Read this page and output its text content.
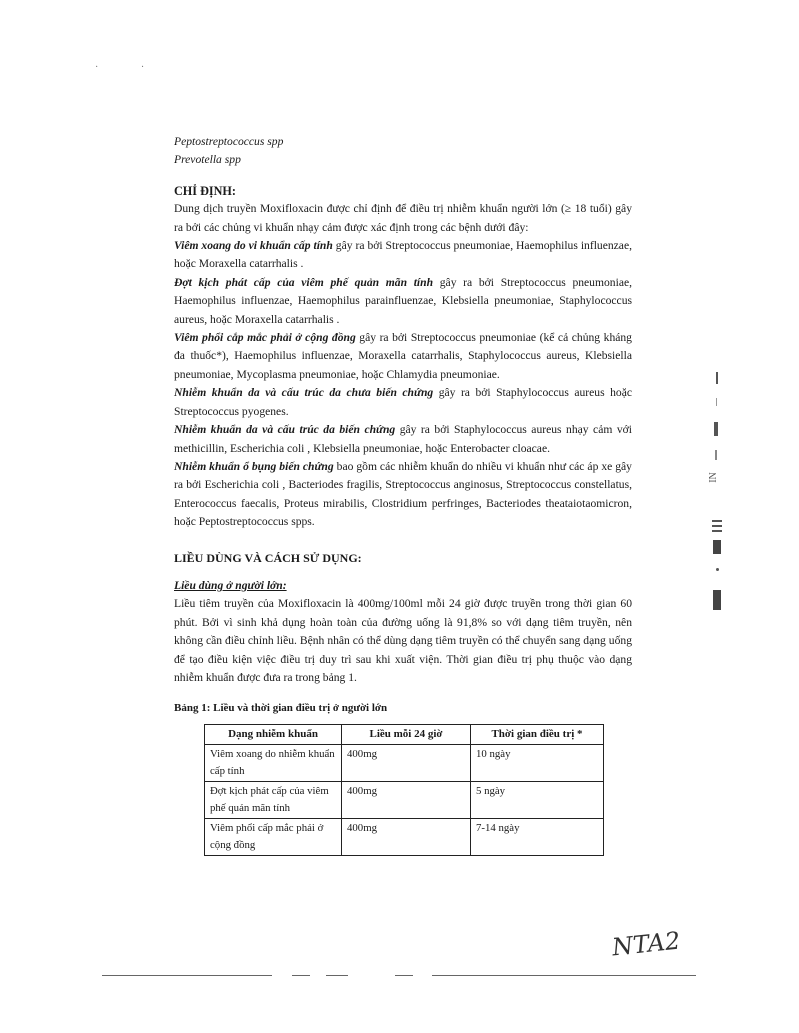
· ·

Peptostreptococcus spp

Prevotella spp

CHỈ ĐỊNH:

Dung dịch truyền Moxifloxacin được chỉ định để điều trị nhiễm khuẩn người lớn (≥ 18 tuổi) gây ra bởi các chủng vi khuẩn nhạy cảm được xác định trong các bệnh dưới đây:

Viêm xoang do vi khuẩn cấp tính gây ra bởi Streptococcus pneumoniae, Haemophilus influenzae, hoặc Moraxella catarrhalis .

Đợt kịch phát cấp của viêm phế quản mãn tính gây ra bởi Streptococcus pneumoniae, Haemophilus influenzae, Haemophilus parainfluenzae, Klebsiella pneumoniae, Staphylococcus aureus, hoặc Moraxella catarrhalis .

Viêm phổi cắp mắc phải ở cộng đồng gây ra bởi Streptococcus pneumoniae (kể cả chủng kháng đa thuốc*), Haemophilus influenzae, Moraxella catarrhalis, Staphylococcus aureus, Klebsiella pneumoniae, Mycoplasma pneumoniae, hoặc Chlamydia pneumoniae.

Nhiễm khuẩn da và cấu trúc da chưa biến chứng gây ra bởi Staphylococcus aureus hoặc Streptococcus pyogenes.

Nhiễm khuẩn da và cấu trúc da biến chứng gây ra bởi Staphylococcus aureus nhạy cảm với methicillin, Escherichia coli , Klebsiella pneumoniae, hoặc Enterobacter cloacae.

Nhiễm khuẩn ổ bụng biến chứng bao gồm các nhiễm khuẩn do nhiều vi khuẩn như các áp xe gây ra bởi Escherichia coli , Bacteriodes fragilis, Streptococcus anginosus, Streptococcus constellatus, Enterococcus faecalis, Proteus mirabilis, Clostridium perfringes, Bacteriodes theataiotaomicron, hoặc Peptostreptococcus spps.

LIỀU DÙNG VÀ CÁCH SỬ DỤNG:

Liều dùng ở người lớn:

Liều tiêm truyền của Moxifloxacin là 400mg/100ml mỗi 24 giờ được truyền trong thời gian 60 phút. Bởi vì sinh khả dụng hoàn toàn của đường uống là 91,8% so với dạng tiêm truyền, nên không cần điều chỉnh liều. Bệnh nhân có thể dùng dạng tiêm truyền có thể chuyển sang dạng uống để tạo điều kiện việc điều trị duy trì sau khi xuất viện. Thời gian điều trị phụ thuộc vào dạng nhiễm khuẩn được đưa ra trong bảng 1.

Bảng 1: Liều và thời gian điều trị ở người lớn

Dạng nhiễm khuẩn	Liều mỗi 24 giờ	Thời gian điều trị *
Viêm xoang do nhiễm khuẩn cấp tính	400mg	10 ngày
Đợt kịch phát cấp của viêm phế quản mãn tính	400mg	5 ngày
Viêm phổi cấp mắc phải ở cộng đồng	400mg	7-14 ngày
IN
NTA2
